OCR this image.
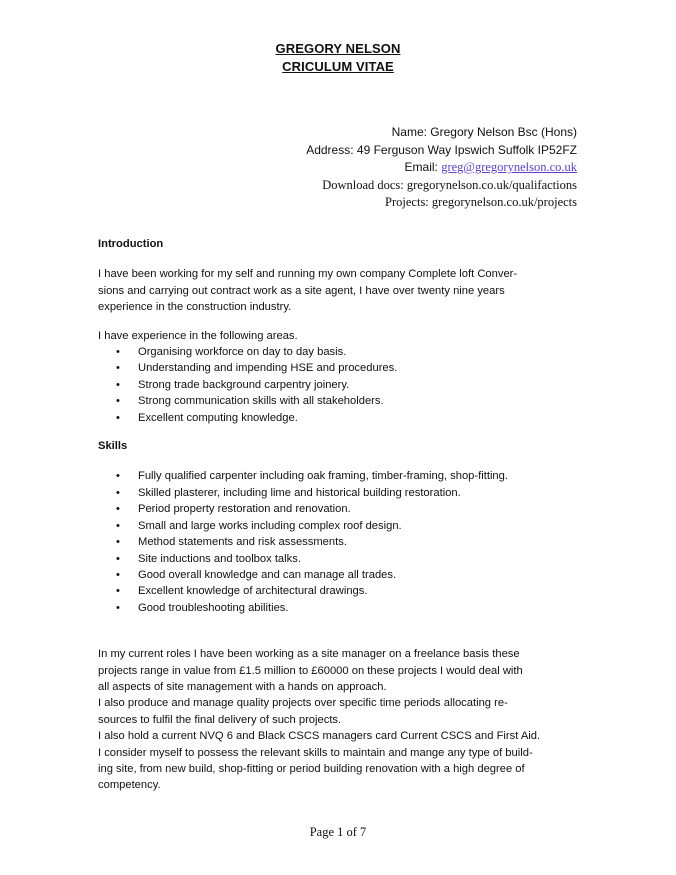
GREGORY NELSON
CRICULUM VITAE
Name: Gregory Nelson Bsc (Hons)
Address: 49 Ferguson Way Ipswich Suffolk IP52FZ
Email: greg@gregorynelson.co.uk
Download docs: gregorynelson.co.uk/qualifactions
Projects: gregorynelson.co.uk/projects

Introduction

I have been working for my self and running my own company Complete loft Conver-
sions and carrying out contract work as a site agent, I have over twenty nine years
experience in the construction industry.

I have experience in the following areas.

• Organising workforce on day to day basis.
• Understanding and impending HSE and procedures.
• Strong trade background carpentry joinery.
• Strong communication skills with all stakeholders.
• Excellent computing knowledge.

Skills

• Fully qualified carpenter including oak framing, timber-framing, shop-fitting.
• Skilled plasterer, including lime and historical building restoration.
• Period property restoration and renovation.
• Small and large works including complex roof design.
• Method statements and risk assessments.
• Site inductions and toolbox talks.
• Good overall knowledge and can manage all trades.
• Excellent knowledge of architectural drawings.
• Good troubleshooting abilities.

In my current roles I have been working as a site manager on a freelance basis these
projects range in value from £1.5 million to £60000 on these projects I would deal with
all aspects of site management with a hands on approach.
I also produce and manage quality projects over specific time periods allocating re-
sources to fulfil the final delivery of such projects.
I also hold a current NVQ 6 and Black CSCS managers card Current CSCS and First Aid.
I consider myself to possess the relevant skills to maintain and mange any type of build-
ing site, from new build, shop-fitting or period building renovation with a high degree of
competency.

Page 1 of 7
